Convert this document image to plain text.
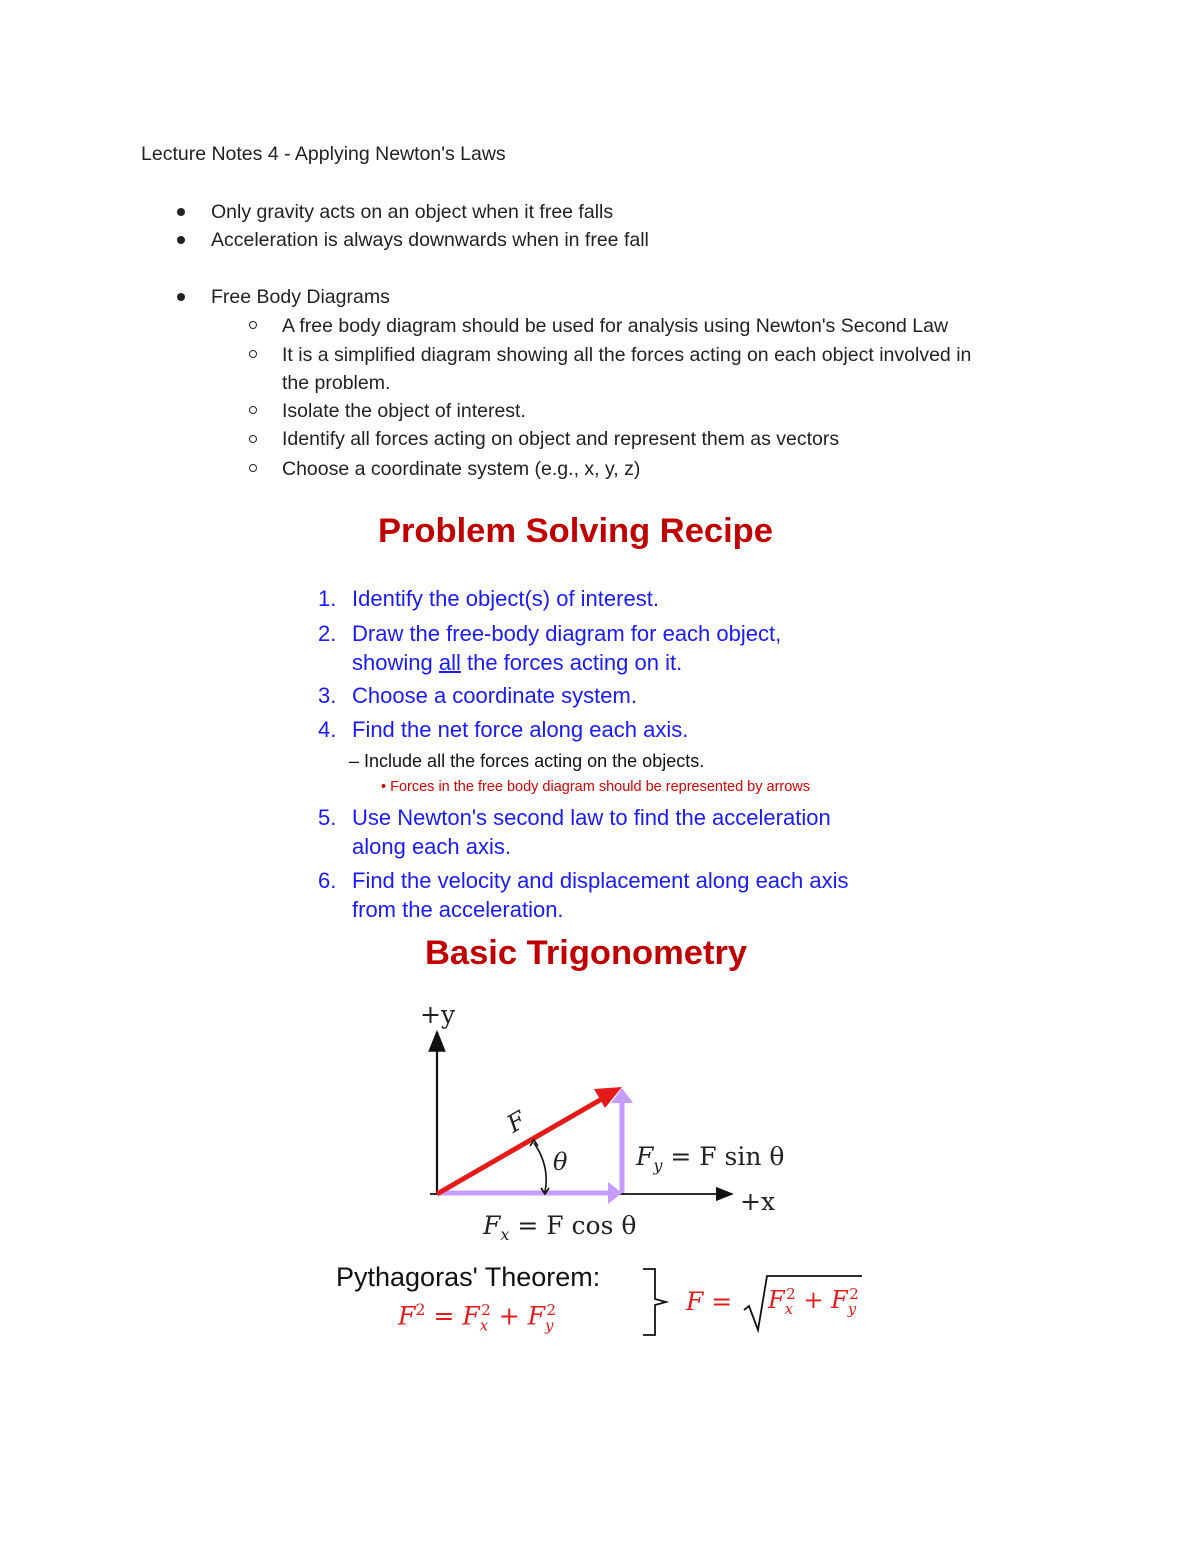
Lecture Notes 4 - Applying Newton's Laws
Only gravity acts on an object when it free falls
Acceleration is always downwards when in free fall
Free Body Diagrams
A free body diagram should be used for analysis using Newton's Second Law
It is a simplified diagram showing all the forces acting on each object involved in
the problem.
Isolate the object of interest.
Identify all forces acting on object and represent them as vectors
Choose a coordinate system (e.g., x, y, z)
Problem Solving Recipe
1. Identify the object(s) of interest.
2. Draw the free-body diagram for each object,
showing all the forces acting on it.
3. Choose a coordinate system.
4. Find the net force along each axis.
– Include all the forces acting on the objects.
• Forces in the free body diagram should be represented by arrows
5. Use Newton's second law to find the acceleration
along each axis.
6. Find the velocity and displacement along each axis
from the acceleration.
Basic Trigonometry
+y
+x
F
θ	$F_y = F$ sin θ
$F_x = F$ cos θ
Pythagoras' Theorem:
$F^2 = F_x^2 + F_y^2$	$F = F_x^2 + F_y^2$
